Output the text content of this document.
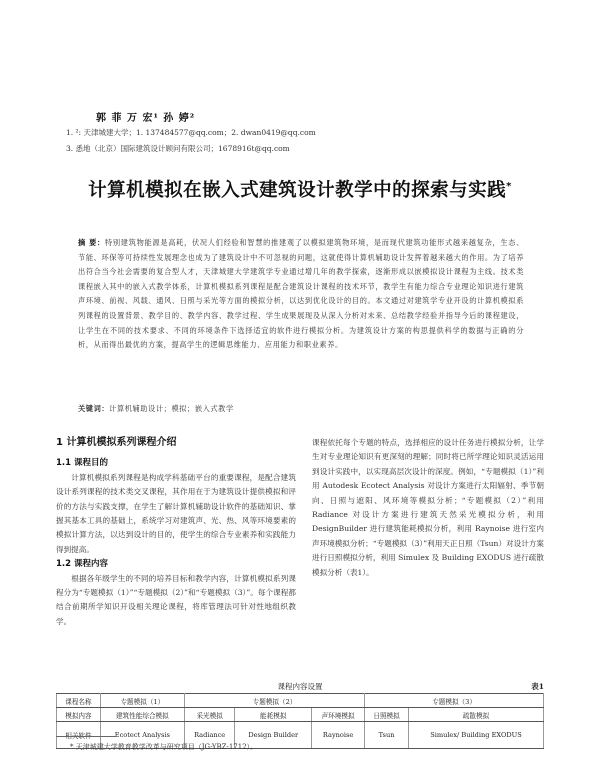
郭 菲 万 宏¹ 孙 婷²
1. ²: 天津城建大学；1. 137484577@qq.com；2. dwan0419@qq.com
3. 悉地（北京）国际建筑设计顾问有限公司；1678916t@qq.com
计算机模拟在嵌入式建筑设计教学中的探索与实践*
摘 要：特别建筑物能源是高耗，伏况人们经验和智慧的推建观了以模拟建筑物环境，是而现代建筑功能形式越来越复杂，生态、节能、环保等可持续性发展理念也成为了建筑设计中不可忽视的问题，这就使得计算机辅助设计发挥着越来越大的作用。为了培养出符合当今社会需要的复合型人才，天津城建大学建筑学专业通过增几年的教学探索，逐渐形成以嵌模拟设计课程为主线。技术类课程嵌入其中的嵌入式教学体系，计算机模拟系列课程是配合建筑设计课程的技术环节，教学生有能力综合专业理论知识进行建筑声环境、前视、风载、通风、日照与采光等方面的模拟分析，以达到优化设计的目的。本文通过对建筑学专业开设的计算机模拟系列课程的设置背景、教学目的、教学内容、教学过程、学生成果展现及从深入分析对未来、总结教学经验并指导今后的课程建设，让学生在不同的技术要求、不同的环境条件下选择适宜的软件进行模拟分析。为建筑设计方案的构思提供科学的数据与正确的分析，从而得出最优的方案，提高学生的逻辑思维能力、应用能力和职业素养。
关键词：计算机辅助设计；模拟；嵌入式教学
1 计算机模拟系列课程介绍
1.1 课程目的

计算机模拟系列课程是构成学科基础平台的重要课程，是配合建筑设计系列课程的技术类交叉课程，其作用在于为建筑设计提供模拟和评价的方法与实践支撑，在学生了解计算机辅助设计软件的基础知识、掌握其基本工具的基础上，系统学习对建筑声、光、热、风等环境要素的模拟计算方法，以达到设计的目的，使学生的综合专业素养和实践能力得到提高。

1.2 课程内容

根据各年级学生的不同的培养目标和教学内容，计算机模拟系列课程分为“专题模拟（1）”“专题模拟（2）”和“专题模拟（3）”。每个课程都结合前期所学知识开设相关理论课程，将库管理法可针对性地组织教学。

课程依托每个专题的特点，选择相应的设计任务进行模拟分析，让学生对专业理论知识有更深刻的理解；同时将已所学理论知识灵活运用到设计实践中，以实现高层次设计的深度。例如，“专题模拟（1）”利用 Autodesk Ecotect Analysis 对设计方案进行太阳辐射、季节朝向、日照与遮阳、风环境等模拟分析；“专题模拟（2）”利用 Radiance 对设计方案进行建筑天然采光模拟分析，利用 DesignBuilder 进行建筑能耗模拟分析，利用 Raynoise 进行室内声环境模拟分析；“专题模拟（3）”利用天正日照（Tsun）对设计方案进行日照模拟分析，利用 Simulex 及 Building EXODUS 进行疏散模拟分析（表1）。

课程内容设置	表1
课程名称	专题模拟（1）	专题模拟（2）			专题模拟（3）	
模拟内容	建筑性能综合模拟	采光模拟	能耗模拟	声环境模拟	日照模拟	疏散模拟
相关软件	Ecotect Analysis	Radiance	Design Builder	Raynoise	Tsun	Simulex/ Building EXODUS
* 天津城建大学教育教学改革与研究项目（JG-YBZ-1712）。
